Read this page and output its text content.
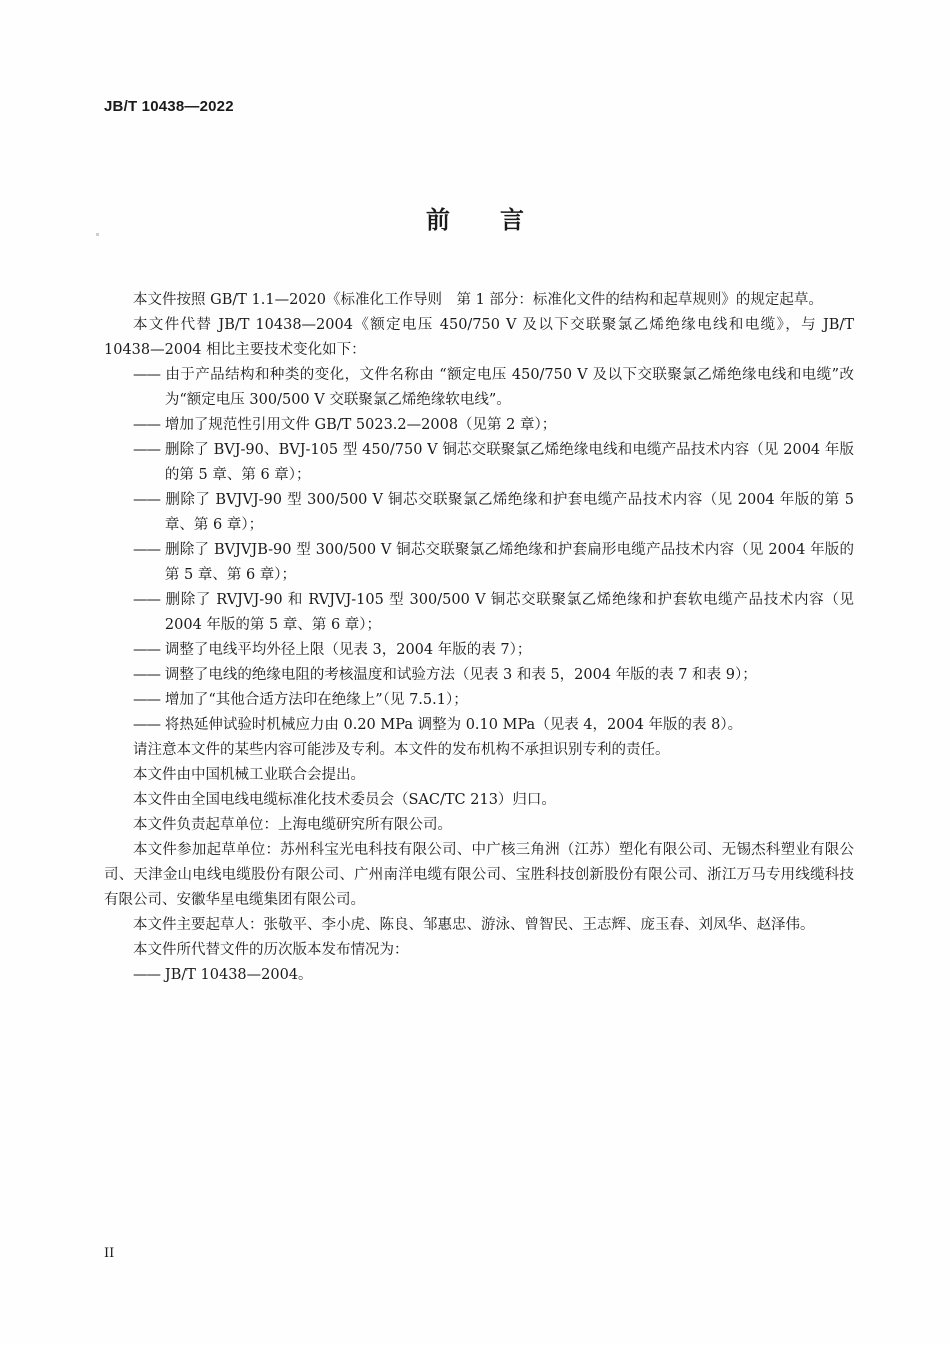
JB/T 10438—2022
前言

本文件按照 GB/T 1.1—2020《标准化工作导则　第 1 部分：标准化文件的结构和起草规则》的规定起草。

本文件代替 JB/T 10438—2004《额定电压 450/750 V 及以下交联聚氯乙烯绝缘电线和电缆》，与 JB/T 10438—2004 相比主要技术变化如下：

—— 由于产品结构和种类的变化，文件名称由 “额定电压 450/750 V 及以下交联聚氯乙烯绝缘电线和电缆”改为“额定电压 300/500 V 交联聚氯乙烯绝缘软电线”。

—— 增加了规范性引用文件 GB/T 5023.2—2008（见第 2 章）；

—— 删除了 BVJ-90、BVJ-105 型 450/750 V 铜芯交联聚氯乙烯绝缘电线和电缆产品技术内容（见 2004 年版的第 5 章、第 6 章）；

—— 删除了 BVJVJ-90 型 300/500 V 铜芯交联聚氯乙烯绝缘和护套电缆产品技术内容（见 2004 年版的第 5 章、第 6 章）；

—— 删除了 BVJVJB-90 型 300/500 V 铜芯交联聚氯乙烯绝缘和护套扁形电缆产品技术内容（见 2004 年版的第 5 章、第 6 章）；

—— 删除了 RVJVJ-90 和 RVJVJ-105 型 300/500 V 铜芯交联聚氯乙烯绝缘和护套软电缆产品技术内容（见 2004 年版的第 5 章、第 6 章）；

—— 调整了电线平均外径上限（见表 3，2004 年版的表 7）；

—— 调整了电线的绝缘电阻的考核温度和试验方法（见表 3 和表 5，2004 年版的表 7 和表 9）；

—— 增加了“其他合适方法印在绝缘上”（见 7.5.1）；

—— 将热延伸试验时机械应力由 0.20 MPa 调整为 0.10 MPa（见表 4，2004 年版的表 8）。

请注意本文件的某些内容可能涉及专利。本文件的发布机构不承担识别专利的责任。

本文件由中国机械工业联合会提出。

本文件由全国电线电缆标准化技术委员会（SAC/TC 213）归口。

本文件负责起草单位：上海电缆研究所有限公司。

本文件参加起草单位：苏州科宝光电科技有限公司、中广核三角洲（江苏）塑化有限公司、无锡杰科塑业有限公司、天津金山电线电缆股份有限公司、广州南洋电缆有限公司、宝胜科技创新股份有限公司、浙江万马专用线缆科技有限公司、安徽华星电缆集团有限公司。

本文件主要起草人：张敬平、李小虎、陈良、邹惠忠、游泳、曾智民、王志辉、庞玉春、刘凤华、赵泽伟。

本文件所代替文件的历次版本发布情况为：

—— JB/T 10438—2004。

II
